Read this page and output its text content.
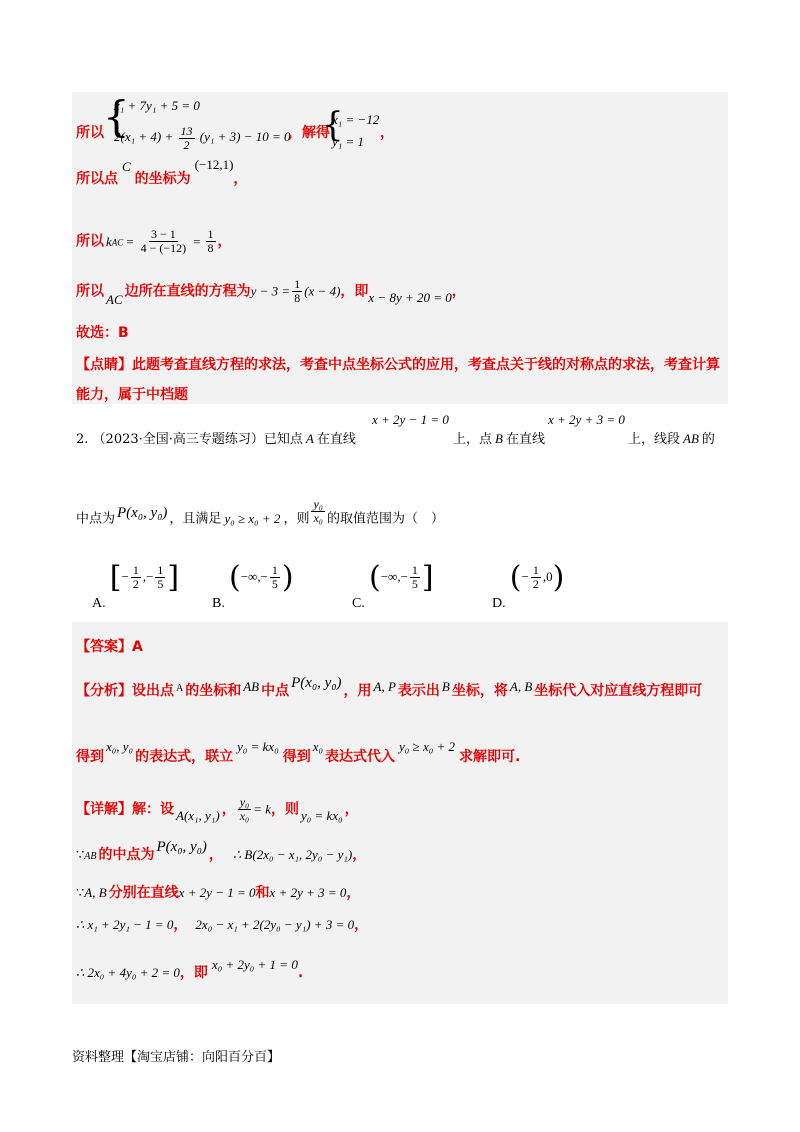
所以 {
x₁ + 7y₁ + 5 = 0
$2(x_1 + 4) + \frac{13}{2} (y_1 + 3) - 10 = 0$
，解得
{
x₁ = −12
y₁ = 1
，
所以点$^C$的坐标为$^{(-12,1)}$，
所以 kAC = $\frac{3 - 1}{4 - (-12)} = \frac{1}{8}$ ，
所以 $_{AC}$ 边所在直线的方程为$y - 3 = \frac{1}{8} (x - 4)$，即$_{x - 8y + 20 = 0}$，
故选：B
【点睛】此题考查直线方程的求法，考查中点坐标公式的应用，考查点关于线的对称点的求法，考查计算
能力，属于中档题
2. （2023·全国·高三专题练习）已知点 A 在直线
x + 2y − 1 = 0
上，点 B 在直线
x + 2y + 3 = 0
上，线段 AB 的
中点为 P(x₀, y₀) ，且满足 y₀ ≥ x₀ + 2 ，则 $\frac{\text{y₀}}{\text{x₀}}$ 的取值范围为（　）
A. [− $\frac{1}{2}$ ,− $\frac{1}{5}$ ]
B. (−∞,− $\frac{1}{5}$ )
C. (−∞,− $\frac{1}{5}$ ]
D. (− $\frac{1}{2} ,0$)
【答案】A
【分析】设出点 $^A$ 的坐标和 $^{AB}$ 中点 P(x₀, y₀) ，用 $^{A, P}$ 表示出 $^B$ 坐标，将 $^{A, B}$ 坐标代入对应直线方程即可
得到$^{x_0, y_0}$的表达式，联立$^{y_0 = kx_0}$得到$^{x_0}$表达式代入$^{y_0 \ge x_0 + 2}$求解即可.
【详解】解：设 $_{A(x_1, y_1)}$ ， $\frac{\text{y₀}}{\text{x₀}} = k$，则 $_{y_0 = kx_0}$ ，
∵AB 的中点为 P(x₀, y₀) ， ∴ B(2x₀ − x₁, 2y₀ − y₁)，
∵A, B 分别在直线x + 2y − 1 = 0和x + 2y + 3 = 0，
∴ x₁ + 2y₁ − 1 = 0， 2x₀ − x₁ + 2(2y₀ − y₁) + 3 = 0，
∴ 2x₀ + 4y₀ + 2 = 0，即$^{x_0 + 2y_0 + 1 = 0}$.
资料整理【淘宝店铺：向阳百分百】
